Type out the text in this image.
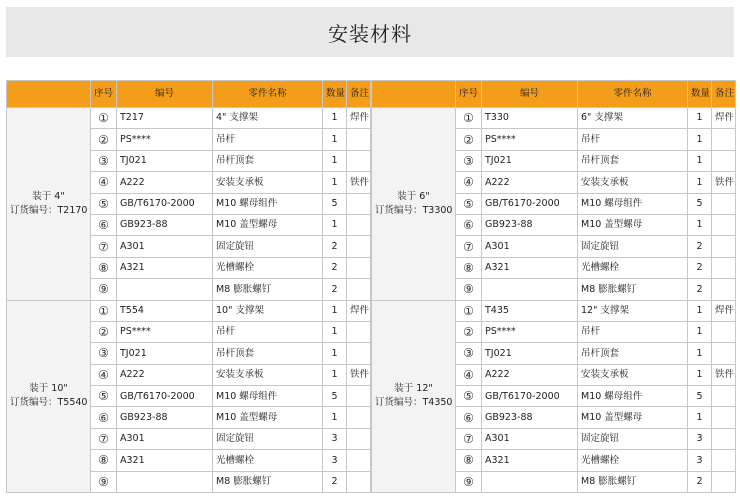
安装材料
	序号	编号	零件名称	数量	备注

装于 4"
订货编号：T2170	①	T217	4" 支撑架	1	焊件
	②	PS****	吊杆	1	
	③	TJ021	吊杆顶套	1	
	④	A222	安装支承板	1	铁件
	⑤	GB/T6170-2000	M10 螺母组件	5	
	⑥	GB923-88	M10 盖型螺母	1	
	⑦	A301	固定旋钮	2	
	⑧	A321	光槽螺栓	2	
	⑨		M8 膨胀螺钉	2	

装于 10"
订货编号：T5540	①	T554	10" 支撑架	1	焊件
	②	PS****	吊杆	1	
	③	TJ021	吊杆顶套	1	
	④	A222	安装支承板	1	铁件
	⑤	GB/T6170-2000	M10 螺母组件	5	
	⑥	GB923-88	M10 盖型螺母	1	
	⑦	A301	固定旋钮	3	
	⑧	A321	光槽螺栓	3	
	⑨		M8 膨胀螺钉	2	
	序号	编号	零件名称	数量	备注

装于 6"
订货编号：T3300	①	T330	6" 支撑架	1	焊件
	②	PS****	吊杆	1	
	③	TJ021	吊杆顶套	1	
	④	A222	安装支承板	1	铁件
	⑤	GB/T6170-2000	M10 螺母组件	5	
	⑥	GB923-88	M10 盖型螺母	1	
	⑦	A301	固定旋钮	2	
	⑧	A321	光槽螺栓	2	
	⑨		M8 膨胀螺钉	2	

装于 12"
订货编号：T4350	①	T435	12" 支撑架	1	焊件
	②	PS****	吊杆	1	
	③	TJ021	吊杆顶套	1	
	④	A222	安装支承板	1	铁件
	⑤	GB/T6170-2000	M10 螺母组件	5	
	⑥	GB923-88	M10 盖型螺母	1	
	⑦	A301	固定旋钮	3	
	⑧	A321	光槽螺栓	3	
	⑨		M8 膨胀螺钉	2	
